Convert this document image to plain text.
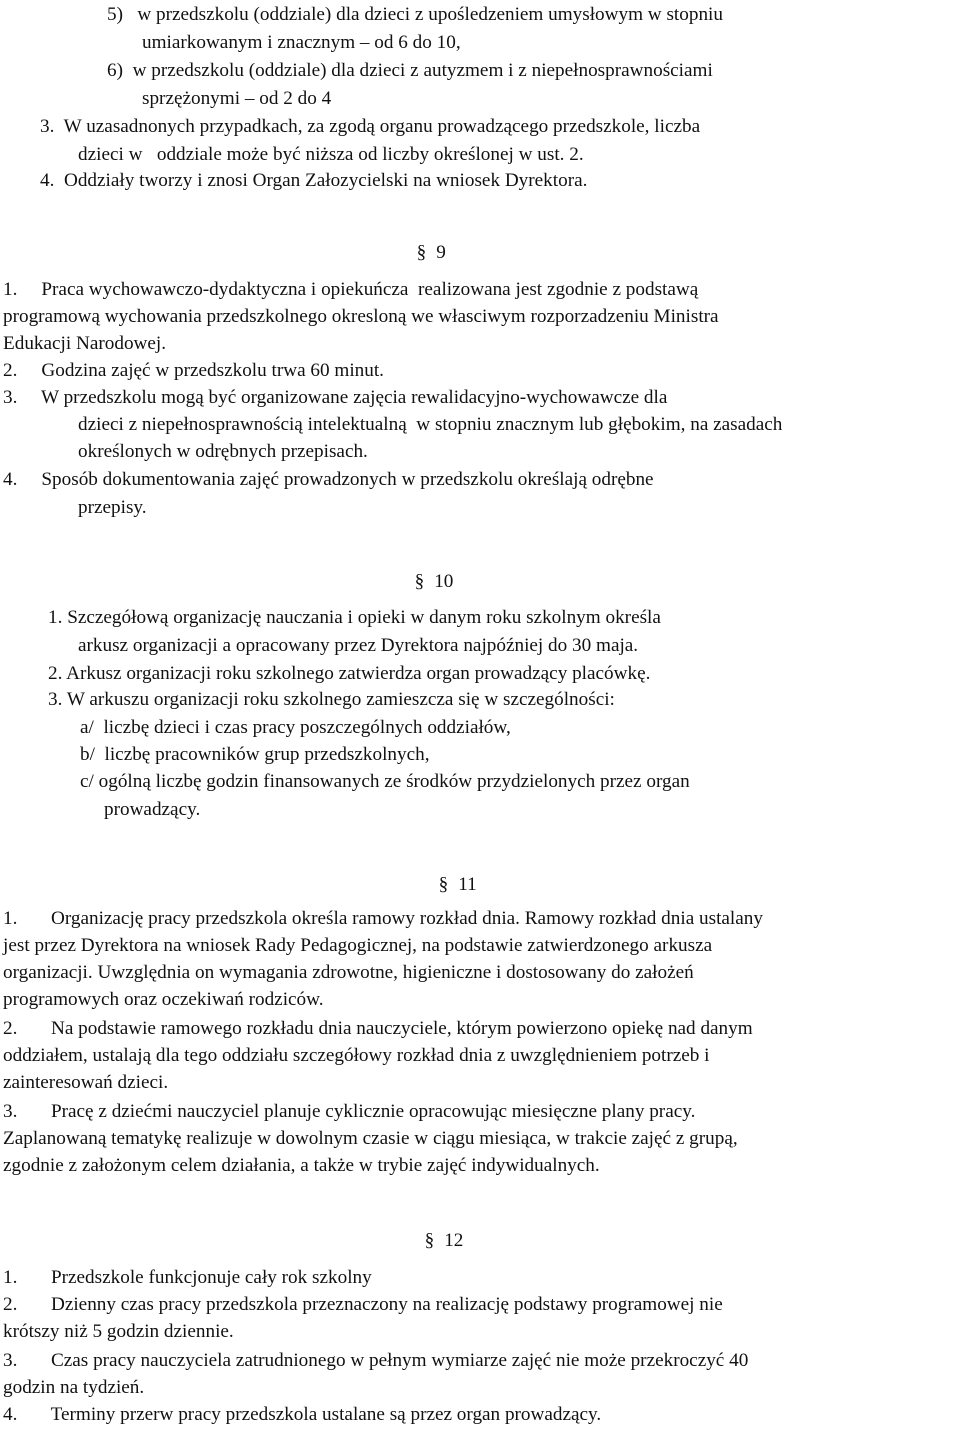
5)   w przedszkolu (oddziale) dla dzieci z upośledzeniem umysłowym w stopniu
umiarkowanym i znacznym – od 6 do 10,
6)  w przedszkolu (oddziale) dla dzieci z autyzmem i z niepełnosprawnościami
sprzężonymi – od 2 do 4
3.  W uzasadnonych przypadkach, za zgodą organu prowadzącego przedszkole, liczba
dzieci w   oddziale może być niższa od liczby określonej w ust. 2.
4.  Oddziały tworzy i znosi Organ Załozycielski na wniosek Dyrektora.

§ 9

1.     Praca wychowawczo-dydaktyczna i opiekuńcza  realizowana jest zgodnie z podstawą
programową wychowania przedszkolnego okresloną we własciwym rozporzadzeniu Ministra
Edukacji Narodowej.
2.     Godzina zajęć w przedszkolu trwa 60 minut.
3.     W przedszkolu mogą być organizowane zajęcia rewalidacyjno-wychowawcze dla
dzieci z niepełnosprawnością intelektualną  w stopniu znacznym lub głębokim, na zasadach
określonych w odrębnych przepisach.
4.     Sposób dokumentowania zajęć prowadzonych w przedszkolu określają odrębne
przepisy.

§ 10

1. Szczegółową organizację nauczania i opieki w danym roku szkolnym określa
arkusz organizacji a opracowany przez Dyrektora najpóźniej do 30 maja.
2. Arkusz organizacji roku szkolnego zatwierdza organ prowadzący placówkę.
3. W arkuszu organizacji roku szkolnego zamieszcza się w szczególności:
a/  liczbę dzieci i czas pracy poszczególnych oddziałów,
b/  liczbę pracowników grup przedszkolnych,
c/ ogólną liczbę godzin finansowanych ze środków przydzielonych przez organ
prowadzący.

§ 11

1.       Organizację pracy przedszkola określa ramowy rozkład dnia. Ramowy rozkład dnia ustalany
jest przez Dyrektora na wniosek Rady Pedagogicznej, na podstawie zatwierdzonego arkusza
organizacji. Uwzględnia on wymagania zdrowotne, higieniczne i dostosowany do założeń
programowych oraz oczekiwań rodziców.
2.       Na podstawie ramowego rozkładu dnia nauczyciele, którym powierzono opiekę nad danym
oddziałem, ustalają dla tego oddziału szczegółowy rozkład dnia z uwzględnieniem potrzeb i
zainteresowań dzieci.
3.       Pracę z dziećmi nauczyciel planuje cyklicznie opracowując miesięczne plany pracy.
Zaplanowaną tematykę realizuje w dowolnym czasie w ciągu miesiąca, w trakcie zajęć z grupą,
zgodnie z założonym celem działania, a także w trybie zajęć indywidualnych.

§ 12

1.       Przedszkole funkcjonuje cały rok szkolny
2.       Dzienny czas pracy przedszkola przeznaczony na realizację podstawy programowej nie
krótszy niż 5 godzin dziennie.
3.       Czas pracy nauczyciela zatrudnionego w pełnym wymiarze zajęć nie może przekroczyć 40
godzin na tydzień.
4.       Terminy przerw pracy przedszkola ustalane są przez organ prowadzący.
